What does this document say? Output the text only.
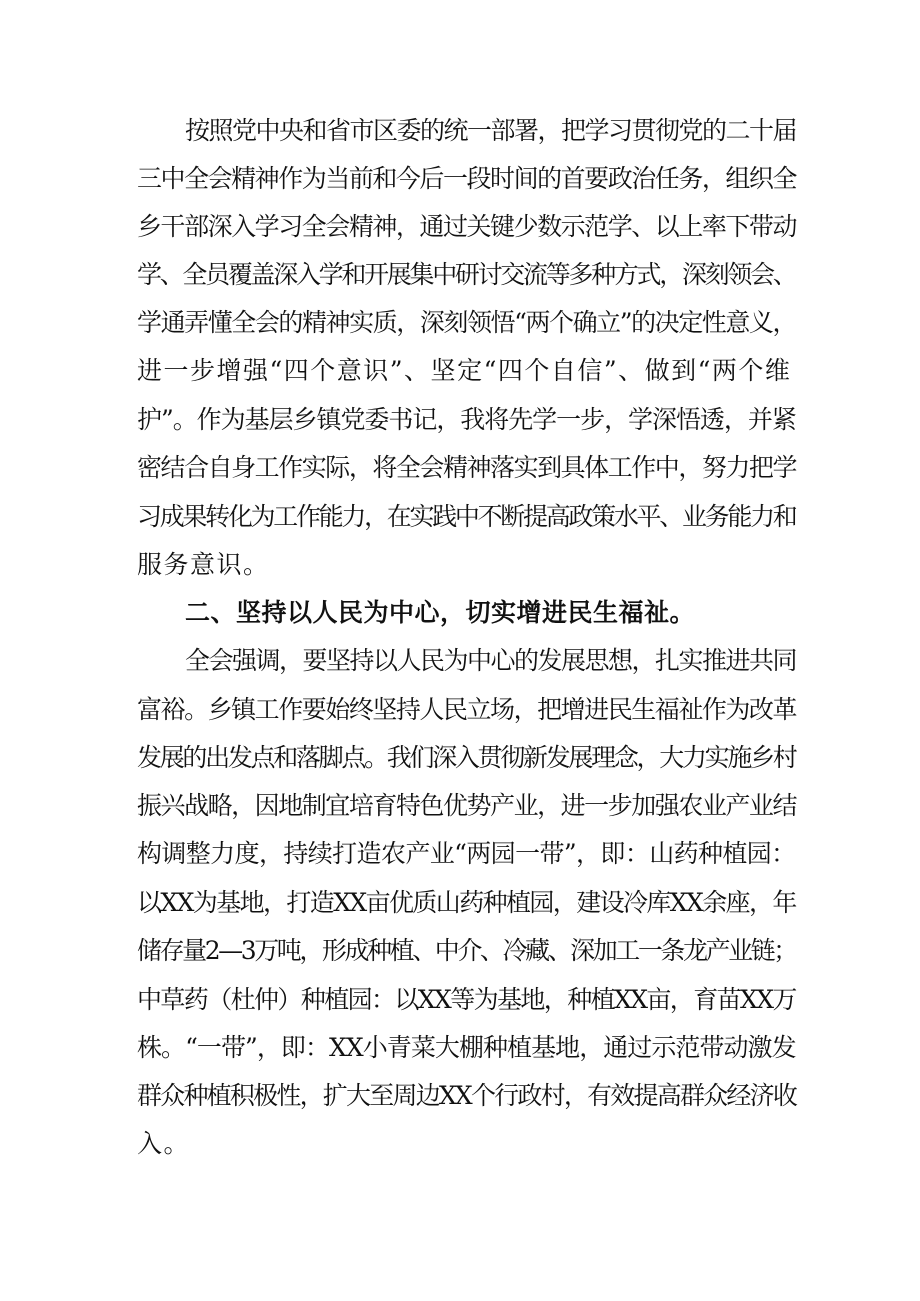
按照党中央和省市区委的统一部署，把学习贯彻党的二十届

三中全会精神作为当前和今后一段时间的首要政治任务，组织全

乡干部深入学习全会精神，通过关键少数示范学、以上率下带动

学、全员覆盖深入学和开展集中研讨交流等多种方式，深刻领会、

学通弄懂全会的精神实质，深刻领悟“两个确立”的决定性意义，

进一步增强“四个意识”、坚定“四个自信”、做到“两个维

护”。作为基层乡镇党委书记，我将先学一步，学深悟透，并紧

密结合自身工作实际，将全会精神落实到具体工作中，努力把学

习成果转化为工作能力，在实践中不断提高政策水平、业务能力和

服务意识。

二、坚持以人民为中心，切实增进民生福祉。

全会强调，要坚持以人民为中心的发展思想，扎实推进共同

富裕。乡镇工作要始终坚持人民立场，把增进民生福祉作为改革

发展的出发点和落脚点。我们深入贯彻新发展理念，大力实施乡村

振兴战略，因地制宜培育特色优势产业，进一步加强农业产业结

构调整力度，持续打造农产业“两园一带”，即：山药种植园：

以XX为基地，打造XX亩优质山药种植园，建设冷库XX余座，年

储存量2—3万吨，形成种植、中介、冷藏、深加工一条龙产业链；

中草药（杜仲）种植园：以XX等为基地，种植XX亩，育苗XX万

株。“一带”，即：XX小青菜大棚种植基地，通过示范带动激发

群众种植积极性，扩大至周边XX个行政村，有效提高群众经济收

入。
